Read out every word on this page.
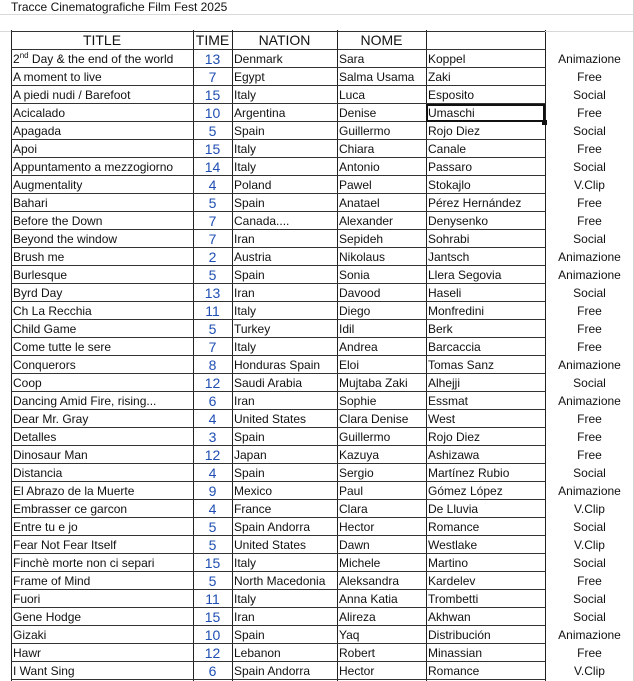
Tracce Cinematografiche Film Fest 2025
TITLE	TIME	NATION	NOME
2nd Day & the end of the world	13	Denmark	Sara	Koppel	Animazione
A moment to live	7	Egypt	Salma Usama	Zaki	Free
A piedi nudi / Barefoot	15	Italy	Luca	Esposito	Social
Acicalado	10	Argentina	Denise	Umaschi	Free
Apagada	5	Spain	Guillermo	Rojo Diez	Social
Apoi	15	Italy	Chiara	Canale	Free
Appuntamento a mezzogiorno	14	Italy	Antonio	Passaro	Social
Augmentality	4	Poland	Pawel	Stokajlo	V.Clip
Bahari	5	Spain	Anatael	Pérez Hernández	Free
Before the Down	7	Canada....	Alexander	Denysenko	Free
Beyond the window	7	Iran	Sepideh	Sohrabi	Social
Brush me	2	Austria	Nikolaus	Jantsch	Animazione
Burlesque	5	Spain	Sonia	Llera Segovia	Animazione
Byrd Day	13	Iran	Davood	Haseli	Social
Ch La Recchia	11	Italy	Diego	Monfredini	Free
Child Game	5	Turkey	Idil	Berk	Free
Come tutte le sere	7	Italy	Andrea	Barcaccia	Free
Conquerors	8	Honduras Spain	Eloi	Tomas Sanz	Animazione
Coop	12	Saudi Arabia	Mujtaba Zaki	Alhejji	Social
Dancing Amid Fire, rising...	6	Iran	Sophie	Essmat	Animazione
Dear Mr. Gray	4	United States	Clara Denise	West	Free
Detalles	3	Spain	Guillermo	Rojo Diez	Free
Dinosaur Man	12	Japan	Kazuya	Ashizawa	Free
Distancia	4	Spain	Sergio	Martínez Rubio	Social
El Abrazo de la Muerte	9	Mexico	Paul	Gómez López	Animazione
Embrasser ce garcon	4	France	Clara	De Lluvia	V.Clip
Entre tu e jo	5	Spain Andorra	Hector	Romance	Social
Fear Not Fear Itself	5	United States	Dawn	Westlake	V.Clip
Finchè morte non ci separi	15	Italy	Michele	Martino	Social
Frame of Mind	5	North Macedonia	Aleksandra	Kardelev	Free
Fuori	11	Italy	Anna Katia	Trombetti	Social
Gene Hodge	15	Iran	Alireza	Akhwan	Social
Gizaki	10	Spain	Yaq	Distribución	Animazione
Hawr	12	Lebanon	Robert	Minassian	Free
I Want Sing	6	Spain Andorra	Hector	Romance	V.Clip
